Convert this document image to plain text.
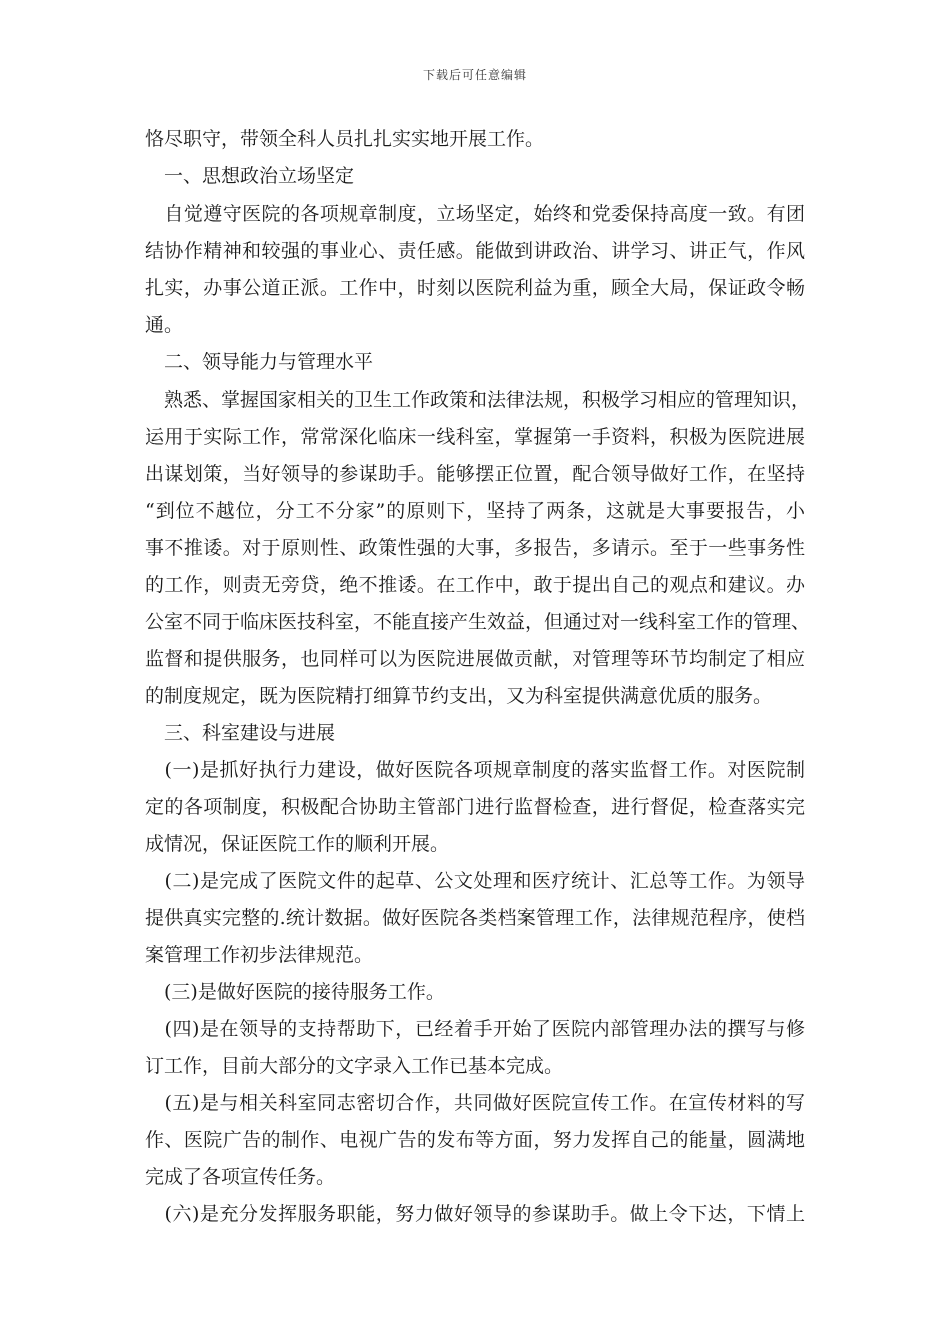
下载后可任意编辑
恪尽职守，带领全科人员扎扎实实地开展工作。
　一、思想政治立场坚定
　自觉遵守医院的各项规章制度，立场坚定，始终和党委保持高度一致。有团
结协作精神和较强的事业心、责任感。能做到讲政治、讲学习、讲正气，作风
扎实，办事公道正派。工作中，时刻以医院利益为重，顾全大局，保证政令畅
通。
　二、领导能力与管理水平
　熟悉、掌握国家相关的卫生工作政策和法律法规，积极学习相应的管理知识，
运用于实际工作，常常深化临床一线科室，掌握第一手资料，积极为医院进展
出谋划策，当好领导的参谋助手。能够摆正位置，配合领导做好工作，在坚持
“到位不越位，分工不分家”的原则下，坚持了两条，这就是大事要报告，小
事不推诿。对于原则性、政策性强的大事，多报告，多请示。至于一些事务性
的工作，则责无旁贷，绝不推诿。在工作中，敢于提出自己的观点和建议。办
公室不同于临床医技科室，不能直接产生效益，但通过对一线科室工作的管理、
监督和提供服务，也同样可以为医院进展做贡献，对管理等环节均制定了相应
的制度规定，既为医院精打细算节约支出，又为科室提供满意优质的服务。
　三、科室建设与进展
　(一)是抓好执行力建设，做好医院各项规章制度的落实监督工作。对医院制
定的各项制度，积极配合协助主管部门进行监督检查，进行督促，检查落实完
成情况，保证医院工作的顺利开展。
　(二)是完成了医院文件的起草、公文处理和医疗统计、汇总等工作。为领导
提供真实完整的.统计数据。做好医院各类档案管理工作，法律规范程序，使档
案管理工作初步法律规范。
　(三)是做好医院的接待服务工作。
　(四)是在领导的支持帮助下，已经着手开始了医院内部管理办法的撰写与修
订工作，目前大部分的文字录入工作已基本完成。
　(五)是与相关科室同志密切合作，共同做好医院宣传工作。在宣传材料的写
作、医院广告的制作、电视广告的发布等方面，努力发挥自己的能量，圆满地
完成了各项宣传任务。
　(六)是充分发挥服务职能，努力做好领导的参谋助手。做上令下达，下情上
